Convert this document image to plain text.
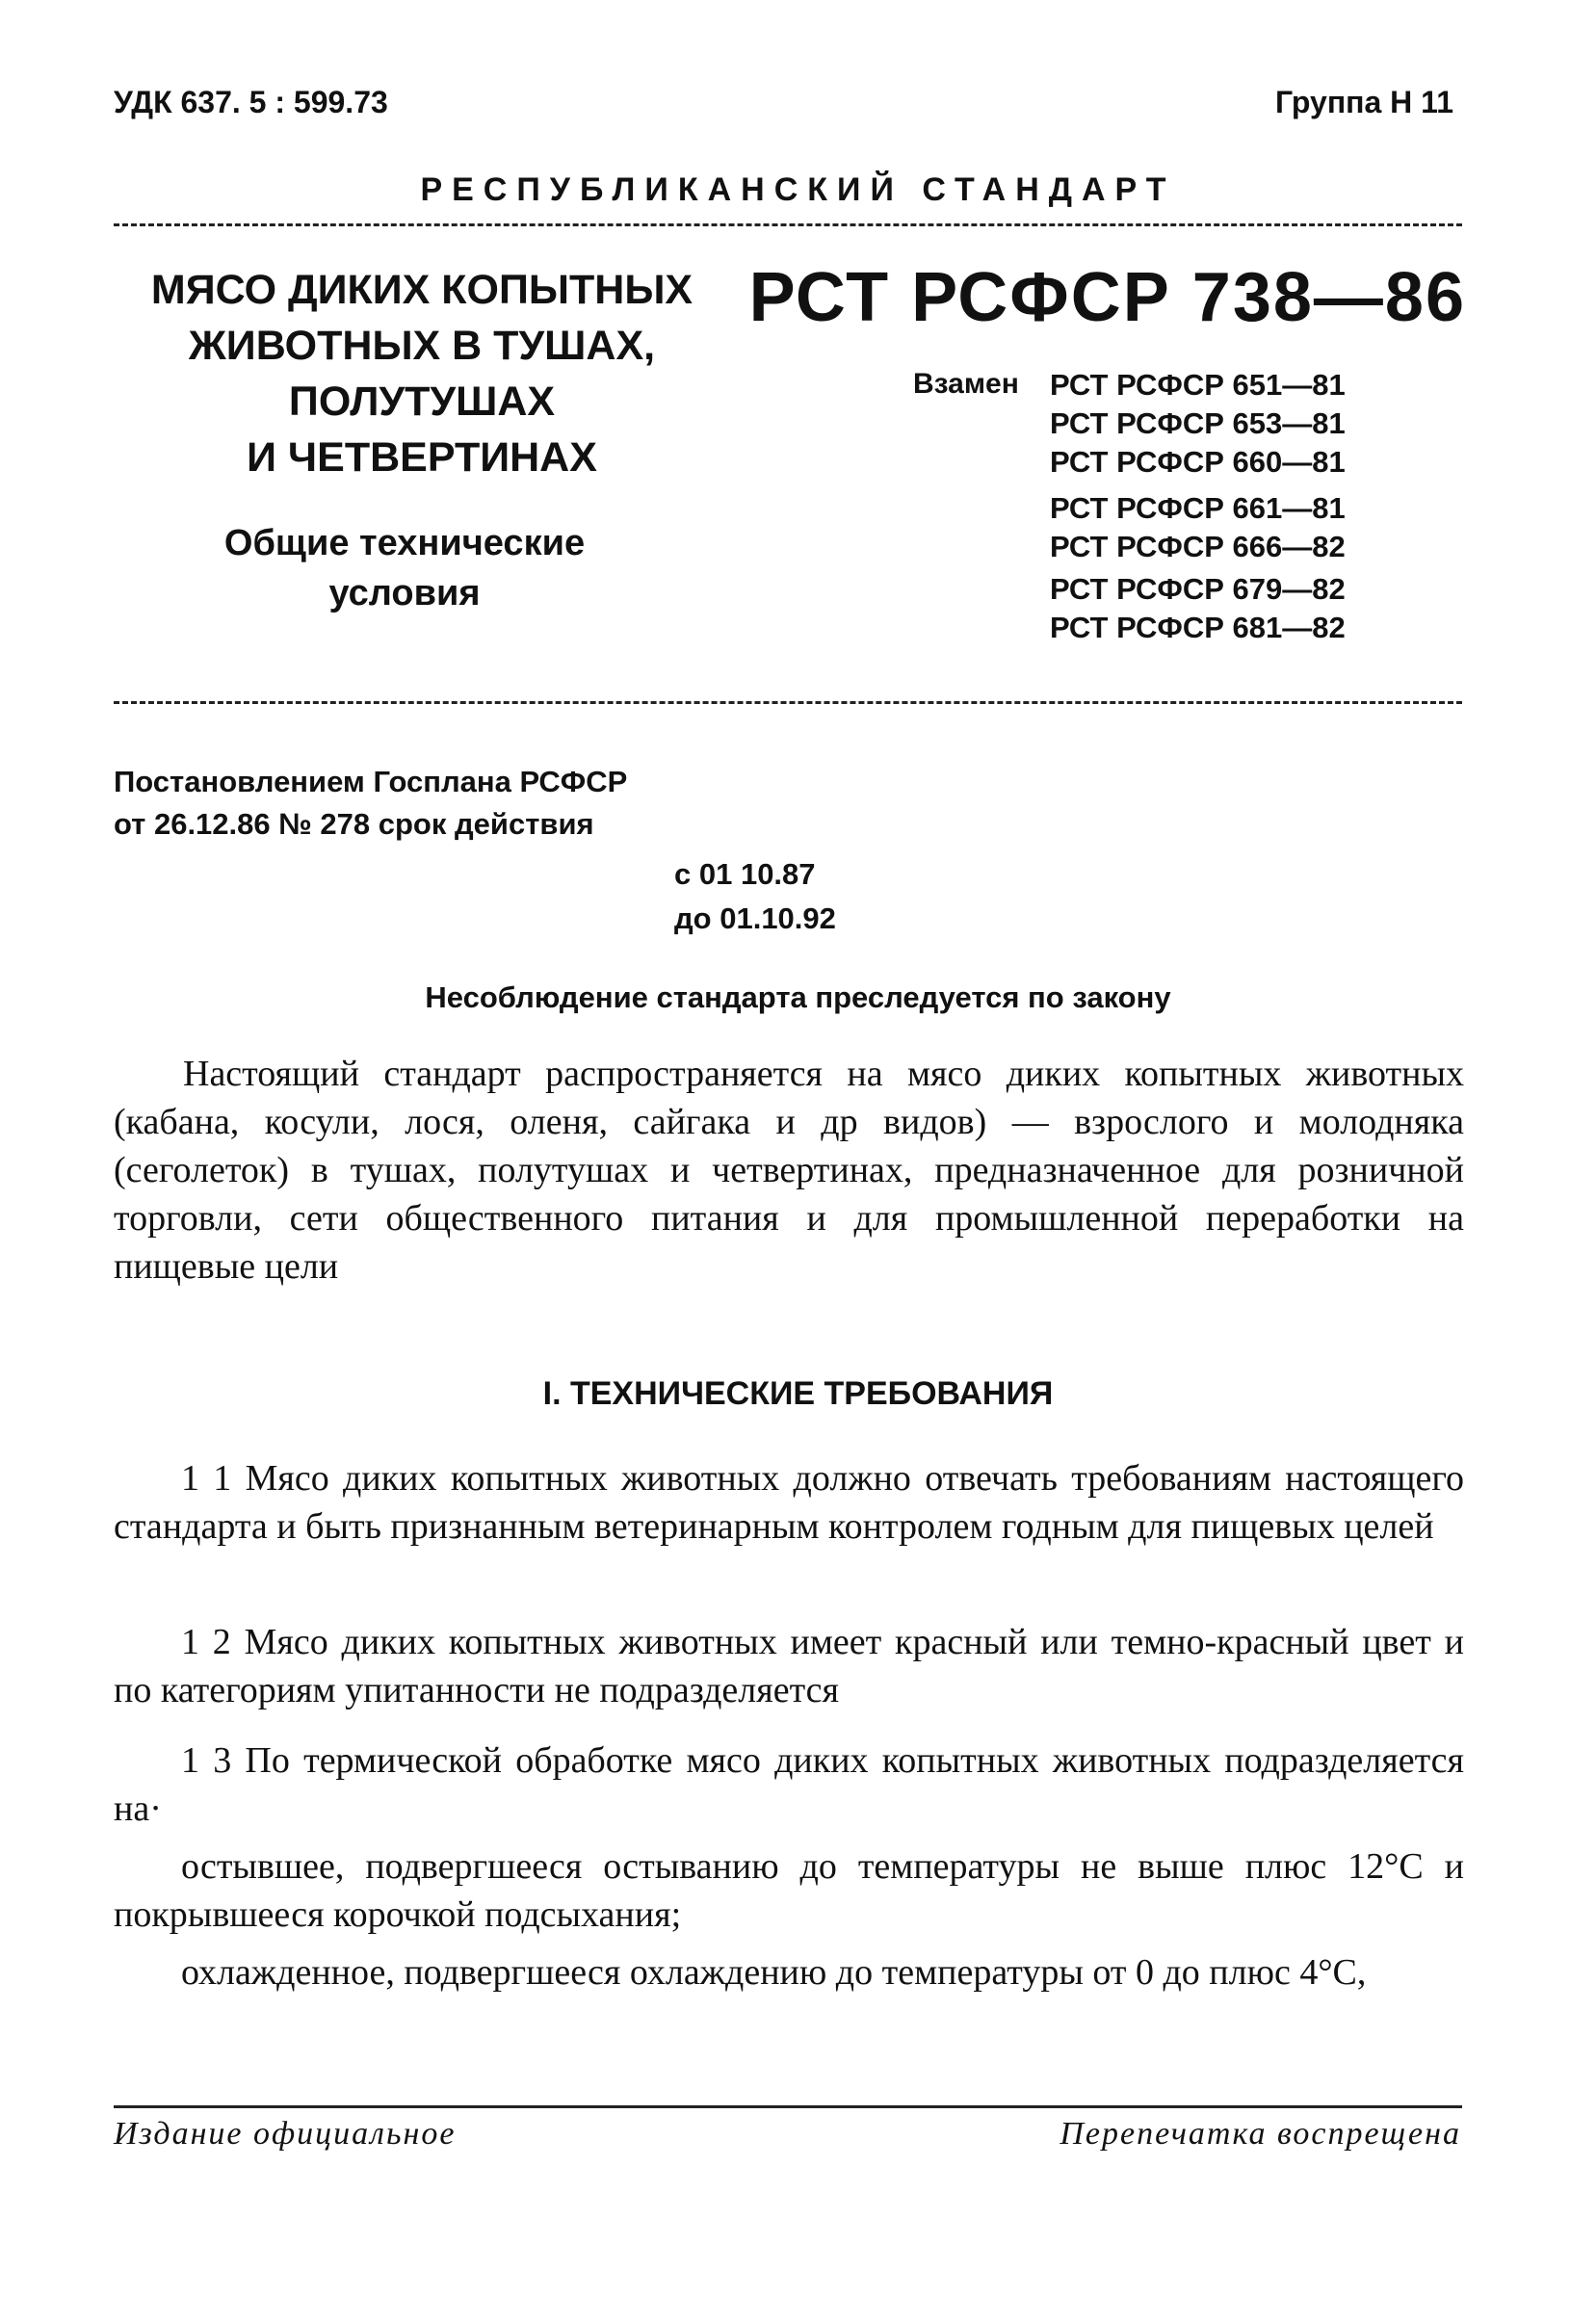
УДК 637. 5 : 599.73	Группа Н 11
РЕСПУБЛИКАНСКИЙ СТАНДАРТ
МЯСО ДИКИХ КОПЫТНЫХ
ЖИВОТНЫХ В ТУШАХ,
ПОЛУТУШАХ
И ЧЕТВЕРТИНАХ
Общие технические
условия
РСТ РСФСР 738—86
Взамен РСТ РСФСР 651—81
РСТ РСФСР 653—81
РСТ РСФСР 660—81
РСТ РСФСР 661—81
РСТ РСФСР 666—82
РСТ РСФСР 679—82
РСТ РСФСР 681—82
Постановлением Госплана РСФСР
от 26.12.86 № 278 срок действия
с 01 10.87
до 01.10.92
Несоблюдение стандарта преследуется по закону
Настоящий стандарт распространяется на мясо диких копытных животных (кабана, косули, лося, оленя, сайгака и др видов) — взрослого и молодняка (сеголеток) в тушах, полутушах и четвертинах, предназначенное для розничной торговли, сети общественного питания и для промышленной переработки на пищевые цели
I. ТЕХНИЧЕСКИЕ ТРЕБОВАНИЯ
1 1 Мясо диких копытных животных должно отвечать требованиям настоящего стандарта и быть признанным ветеринарным контролем годным для пищевых целей
1 2 Мясо диких копытных животных имеет красный или темно-красный цвет и по категориям упитанности не подразделяется
1 3 По термической обработке мясо диких копытных животных подразделяется на·
остывшее, подвергшееся остыванию до температуры не выше плюс 12°С и покрывшееся корочкой подсыхания;
охлажденное, подвергшееся охлаждению до температуры от 0 до плюс 4°С,
Издание официальное	Перепечатка воспрещена
